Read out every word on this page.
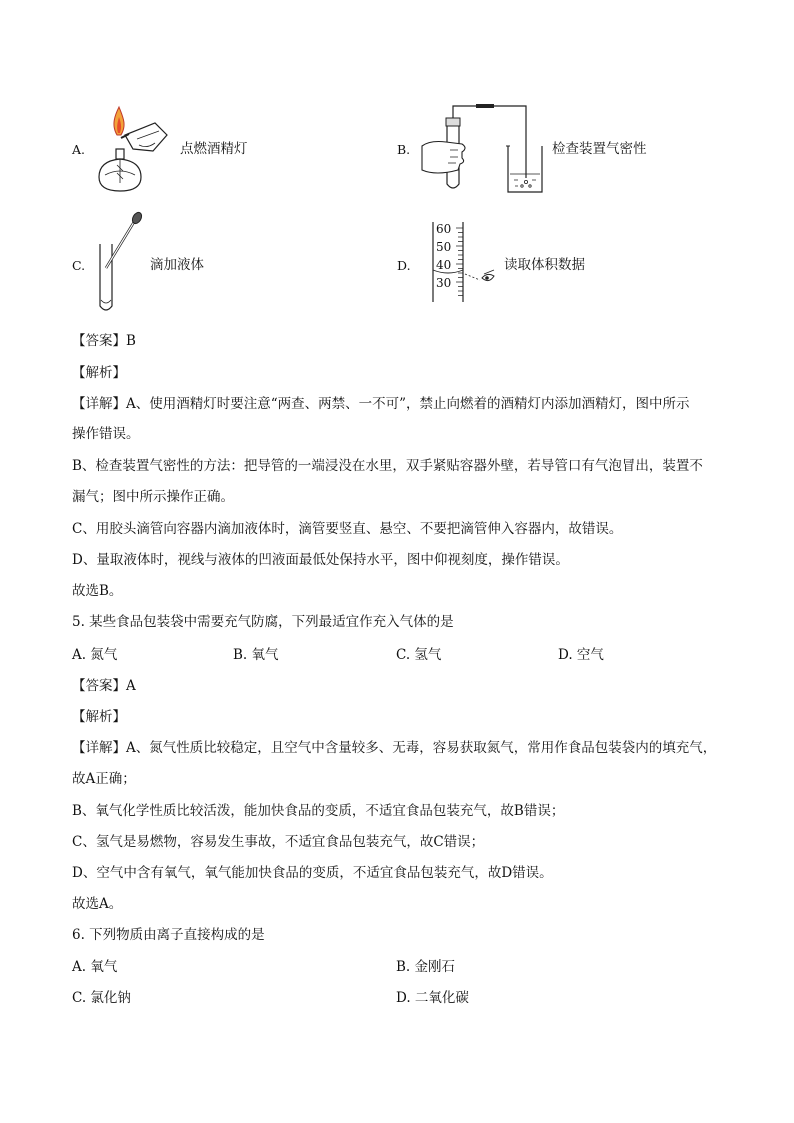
A.	点燃酒精灯	B.	检查装置气密性
C.	滴加液体	D.
60
50
40
30
读取体积数据
【答案】B
【解析】
【详解】A、使用酒精灯时要注意“两查、两禁、一不可”，禁止向燃着的酒精灯内添加酒精灯，图中所示
操作错误。
B、检查装置气密性的方法：把导管的一端浸没在水里，双手紧贴容器外壁，若导管口有气泡冒出，装置不
漏气；图中所示操作正确。
C、用胶头滴管向容器内滴加液体时，滴管要竖直、悬空、不要把滴管伸入容器内，故错误。
D、量取液体时，视线与液体的凹液面最低处保持水平，图中仰视刻度，操作错误。
故选B。
5. 某些食品包装袋中需要充气防腐，下列最适宜作充入气体的是
A. 氮气	B. 氧气	C. 氢气	D. 空气
【答案】A
【解析】
【详解】A、氮气性质比较稳定，且空气中含量较多、无毒，容易获取氮气，常用作食品包装袋内的填充气，
故A正确；
B、氧气化学性质比较活泼，能加快食品的变质，不适宜食品包装充气，故B错误；
C、氢气是易燃物，容易发生事故，不适宜食品包装充气，故C错误；
D、空气中含有氧气，氧气能加快食品的变质，不适宜食品包装充气，故D错误。
故选A。
6. 下列物质由离子直接构成的是
A. 氧气	B. 金刚石
C. 氯化钠	D. 二氧化碳
